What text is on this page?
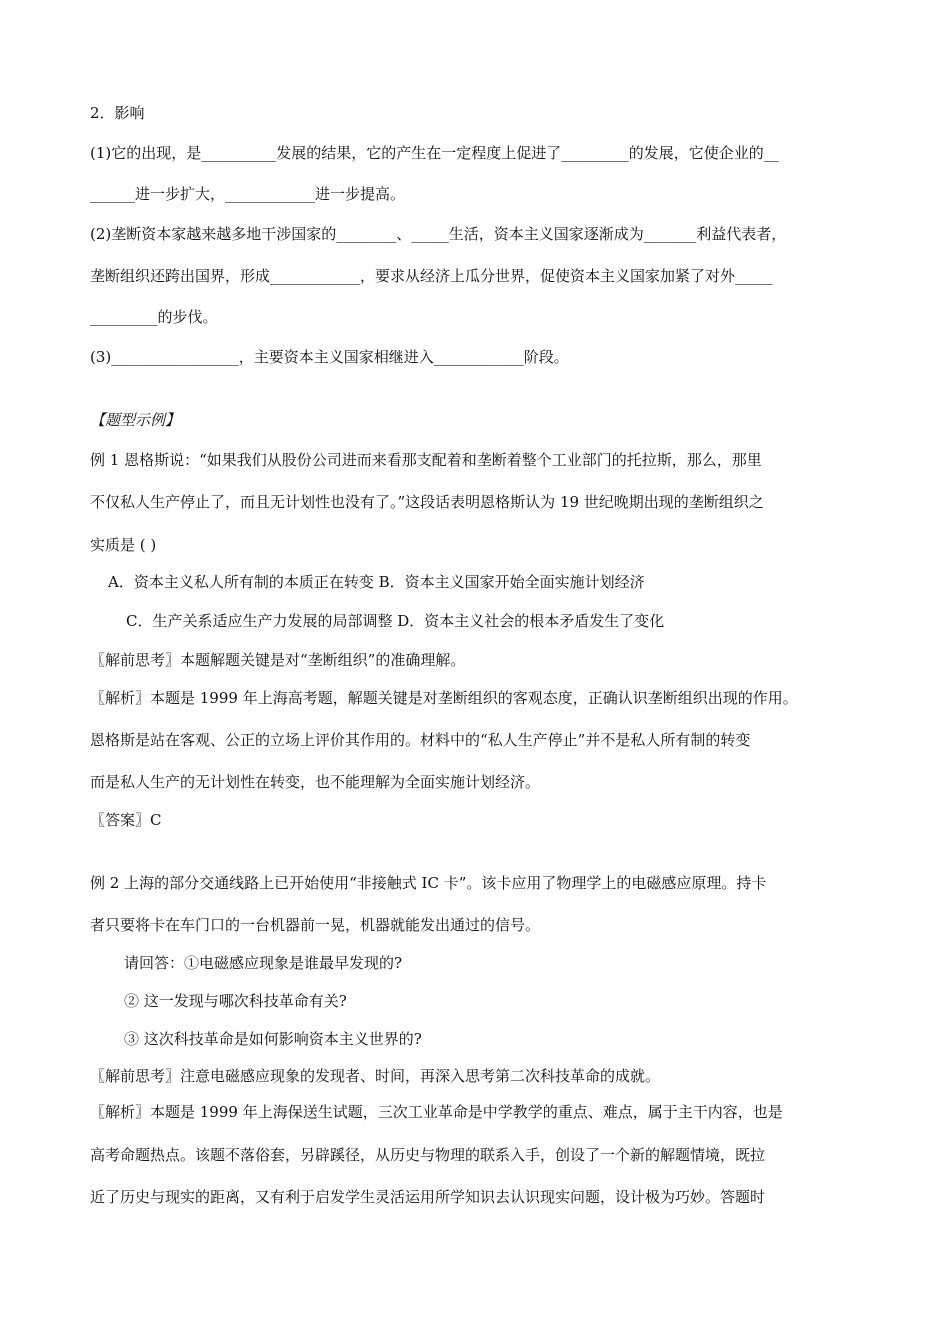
2．影响
(1)它的出现，是__________发展的结果，它的产生在一定程度上促进了_________的发展，它使企业的__
______进一步扩大，____________进一步提高。
(2)垄断资本家越来越多地干涉国家的________、_____生活，资本主义国家逐渐成为_______利益代表者，
垄断组织还跨出国界，形成____________，要求从经济上瓜分世界，促使资本主义国家加紧了对外_____
_________的步伐。
(3)_________________，主要资本主义国家相继进入____________阶段。
【题型示例】
例 1 恩格斯说：“如果我们从股份公司进而来看那支配着和垄断着整个工业部门的托拉斯，那么，那里
不仅私人生产停止了，而且无计划性也没有了。”这段话表明恩格斯认为 19 世纪晚期出现的垄断组织之
实质是 ( )
A．资本主义私人所有制的本质正在转变 B．资本主义国家开始全面实施计划经济
C．生产关系适应生产力发展的局部调整 D．资本主义社会的根本矛盾发生了变化
〖解前思考〗本题解题关键是对“垄断组织”的准确理解。
〖解析〗本题是 1999 年上海高考题，解题关键是对垄断组织的客观态度，正确认识垄断组织出现的作用。
恩格斯是站在客观、公正的立场上评价其作用的。材料中的“私人生产停止”并不是私人所有制的转变
而是私人生产的无计划性在转变，也不能理解为全面实施计划经济。
〖答案〗C
例 2 上海的部分交通线路上已开始使用“非接触式 IC 卡”。该卡应用了物理学上的电磁感应原理。持卡
者只要将卡在车门口的一台机器前一晃，机器就能发出通过的信号。
请回答：①电磁感应现象是谁最早发现的?
② 这一发现与哪次科技革命有关?
③ 这次科技革命是如何影响资本主义世界的?
〖解前思考〗注意电磁感应现象的发现者、时间，再深入思考第二次科技革命的成就。
〖解析〗本题是 1999 年上海保送生试题，三次工业革命是中学教学的重点、难点，属于主干内容，也是
高考命题热点。该题不落俗套，另辟蹊径，从历史与物理的联系入手，创设了一个新的解题情境，既拉
近了历史与现实的距离，又有利于启发学生灵活运用所学知识去认识现实问题，设计极为巧妙。答题时
